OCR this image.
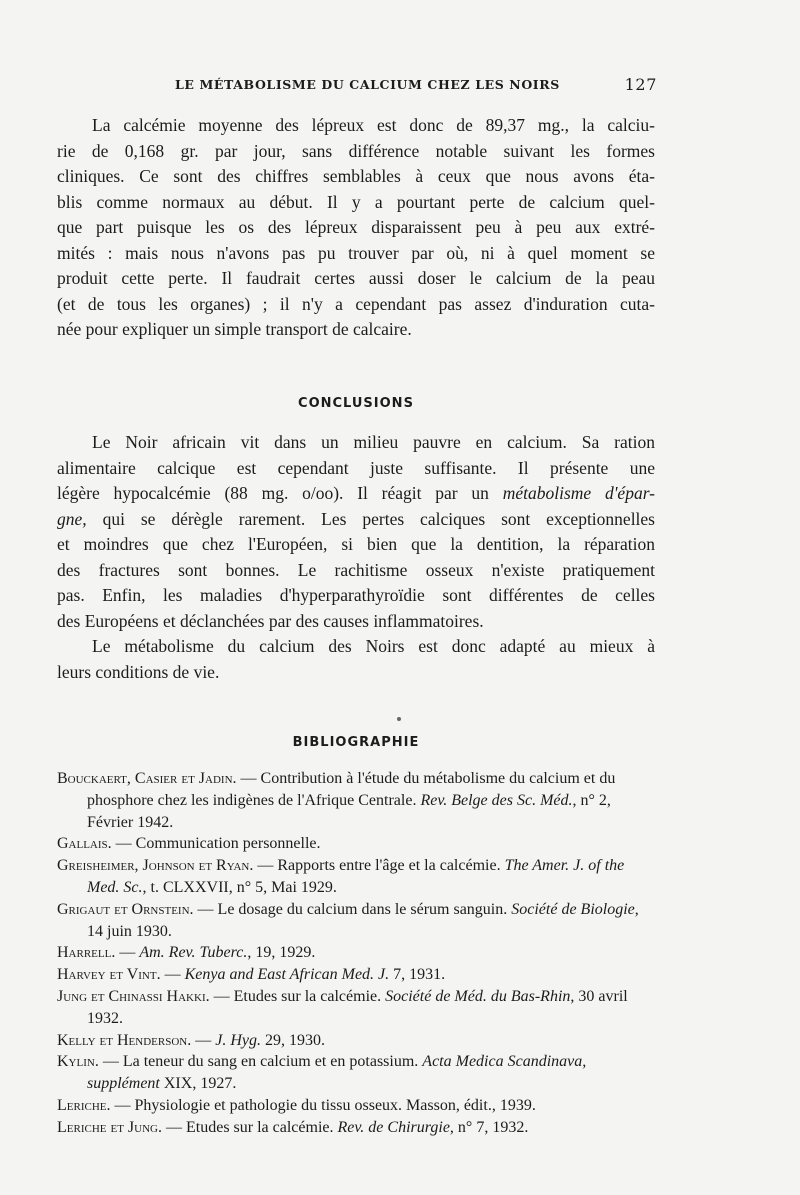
LE MÉTABOLISME DU CALCIUM CHEZ LES NOIRS	127
La calcémie moyenne des lépreux est donc de 89,37 mg., la calciu-
rie de 0,168 gr. par jour, sans différence notable suivant les formes
cliniques. Ce sont des chiffres semblables à ceux que nous avons éta-
blis comme normaux au début. Il y a pourtant perte de calcium quel-
que part puisque les os des lépreux disparaissent peu à peu aux extré-
mités : mais nous n'avons pas pu trouver par où, ni à quel moment se
produit cette perte. Il faudrait certes aussi doser le calcium de la peau
(et de tous les organes) ; il n'y a cependant pas assez d'induration cuta-
née pour expliquer un simple transport de calcaire.
CONCLUSIONS
Le Noir africain vit dans un milieu pauvre en calcium. Sa ration
alimentaire calcique est cependant juste suffisante. Il présente une
légère hypocalcémie (88 mg. o/oo). Il réagit par un métabolisme d'épar-
gne, qui se dérègle rarement. Les pertes calciques sont exceptionnelles
et moindres que chez l'Européen, si bien que la dentition, la réparation
des fractures sont bonnes. Le rachitisme osseux n'existe pratiquement
pas. Enfin, les maladies d'hyperparathyroïdie sont différentes de celles
des Européens et déclanchées par des causes inflammatoires.
Le métabolisme du calcium des Noirs est donc adapté au mieux à
leurs conditions de vie.
BIBLIOGRAPHIE

Bouckaert, Casier et Jadin. — Contribution à l'étude du métabolisme du calcium et du phosphore chez les indigènes de l'Afrique Centrale. Rev. Belge des Sc. Méd., n° 2, Février 1942.

Gallais. — Communication personnelle.

Greisheimer, Johnson et Ryan. — Rapports entre l'âge et la calcémie. The Amer. J. of the Med. Sc., t. CLXXVII, n° 5, Mai 1929.

Grigaut et Ornstein. — Le dosage du calcium dans le sérum sanguin. Société de Biologie, 14 juin 1930.

Harrell. — Am. Rev. Tuberc., 19, 1929.

Harvey et Vint. — Kenya and East African Med. J. 7, 1931.

Jung et Chinassi Hakki. — Etudes sur la calcémie. Société de Méd. du Bas-Rhin, 30 avril 1932.

Kelly et Henderson. — J. Hyg. 29, 1930.

Kylin. — La teneur du sang en calcium et en potassium. Acta Medica Scandinava, supplément XIX, 1927.

Leriche. — Physiologie et pathologie du tissu osseux. Masson, édit., 1939.

Leriche et Jung. — Etudes sur la calcémie. Rev. de Chirurgie, n° 7, 1932.
